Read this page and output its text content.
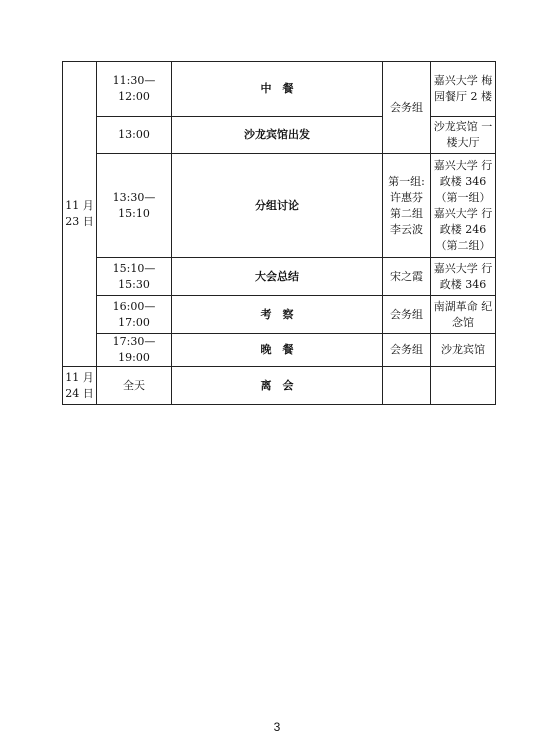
11 月 23 日	11:30—12:00	中　餐	会务组	嘉兴大学 梅园餐厅 2 楼
	13:00	沙龙宾馆出发		沙龙宾馆 一楼大厅
	13:30—15:10	分组讨论	第一组: 许惠芬 第二组 李云波	嘉兴大学 行政楼 346 （第一组） 嘉兴大学 行政楼 246 （第二组）
	15:10—15:30	大会总结	宋之霞	嘉兴大学 行政楼 346
	16:00—17:00	考　察	会务组	南湖革命 纪念馆
	17:30—19:00	晚　餐	会务组	沙龙宾馆
11 月 24 日	全天	离　会		
3
